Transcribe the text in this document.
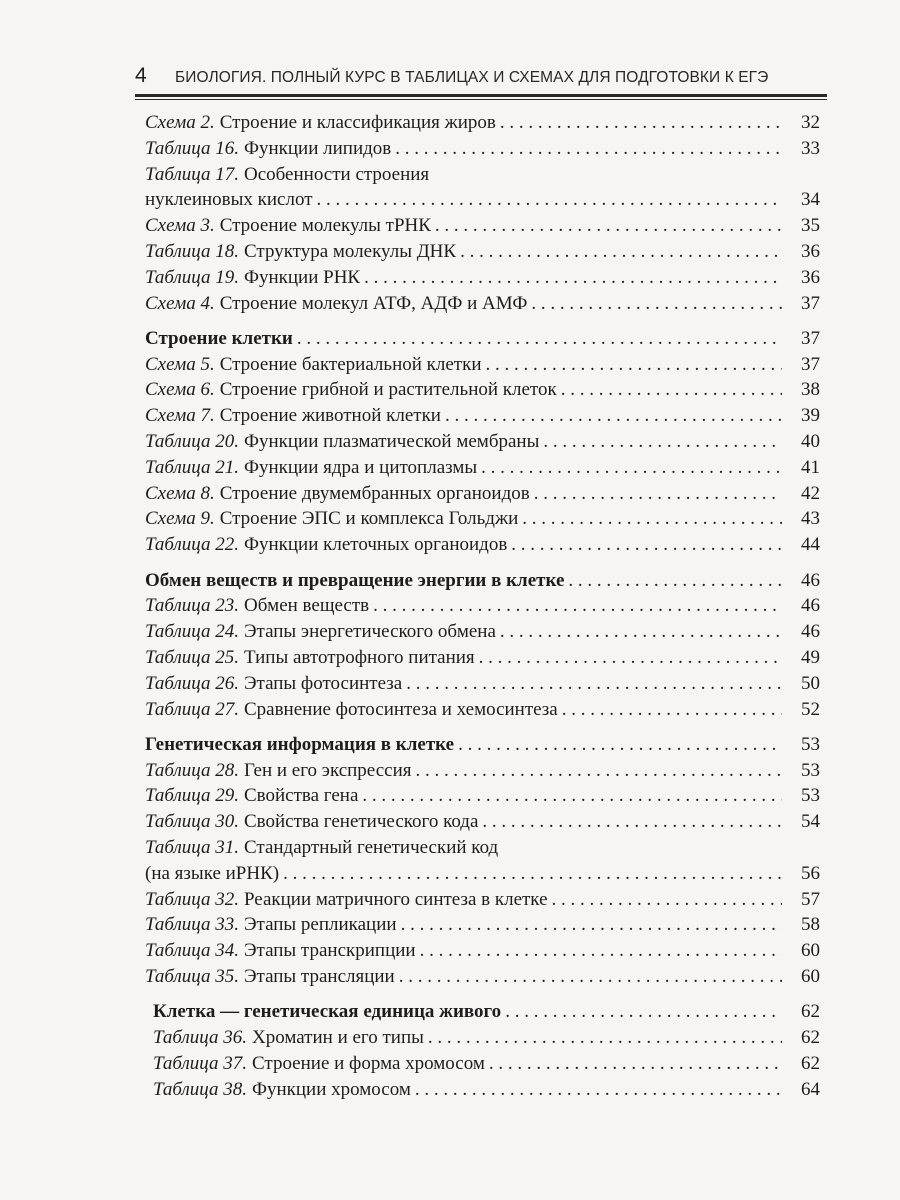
4	БИОЛОГИЯ. ПОЛНЫЙ КУРС В ТАБЛИЦАХ И СХЕМАХ ДЛЯ ПОДГОТОВКИ К ЕГЭ
Схема 2. Строение и классификация жиров . . .	32
Таблица 16. Функции липидов . . .	33
Таблица 17. Особенности строения
нуклеиновых кислот . . .	34
Схема 3. Строение молекулы тРНК . . .	35
Таблица 18. Структура молекулы ДНК . . .	36
Таблица 19. Функции РНК . . .	36
Схема 4. Строение молекул АТФ, АДФ и АМФ . . .	37
Строение клетки . . .	37
Схема 5. Строение бактериальной клетки . . .	37
Схема 6. Строение грибной и растительной клеток . . .	38
Схема 7. Строение животной клетки . . .	39
Таблица 20. Функции плазматической мембраны . . .	40
Таблица 21. Функции ядра и цитоплазмы . . .	41
Схема 8. Строение двумембранных органоидов . . .	42
Схема 9. Строение ЭПС и комплекса Гольджи . . .	43
Таблица 22. Функции клеточных органоидов . . .	44
Обмен веществ и превращение энергии в клетке . . .	46
Таблица 23. Обмен веществ . . .	46
Таблица 24. Этапы энергетического обмена . . .	46
Таблица 25. Типы автотрофного питания . . .	49
Таблица 26. Этапы фотосинтеза . . .	50
Таблица 27. Сравнение фотосинтеза и хемосинтеза . . .	52
Генетическая информация в клетке . . .	53
Таблица 28. Ген и его экспрессия . . .	53
Таблица 29. Свойства гена . . .	53
Таблица 30. Свойства генетического кода . . .	54
Таблица 31. Стандартный генетический код
(на языке иРНК) . . .	56
Таблица 32. Реакции матричного синтеза в клетке . . .	57
Таблица 33. Этапы репликации . . .	58
Таблица 34. Этапы транскрипции . . .	60
Таблица 35. Этапы трансляции . . .	60
Клетка — генетическая единица живого . . .	62
Таблица 36. Хроматин и его типы . . .	62
Таблица 37. Строение и форма хромосом . . .	62
Таблица 38. Функции хромосом . . .	64
